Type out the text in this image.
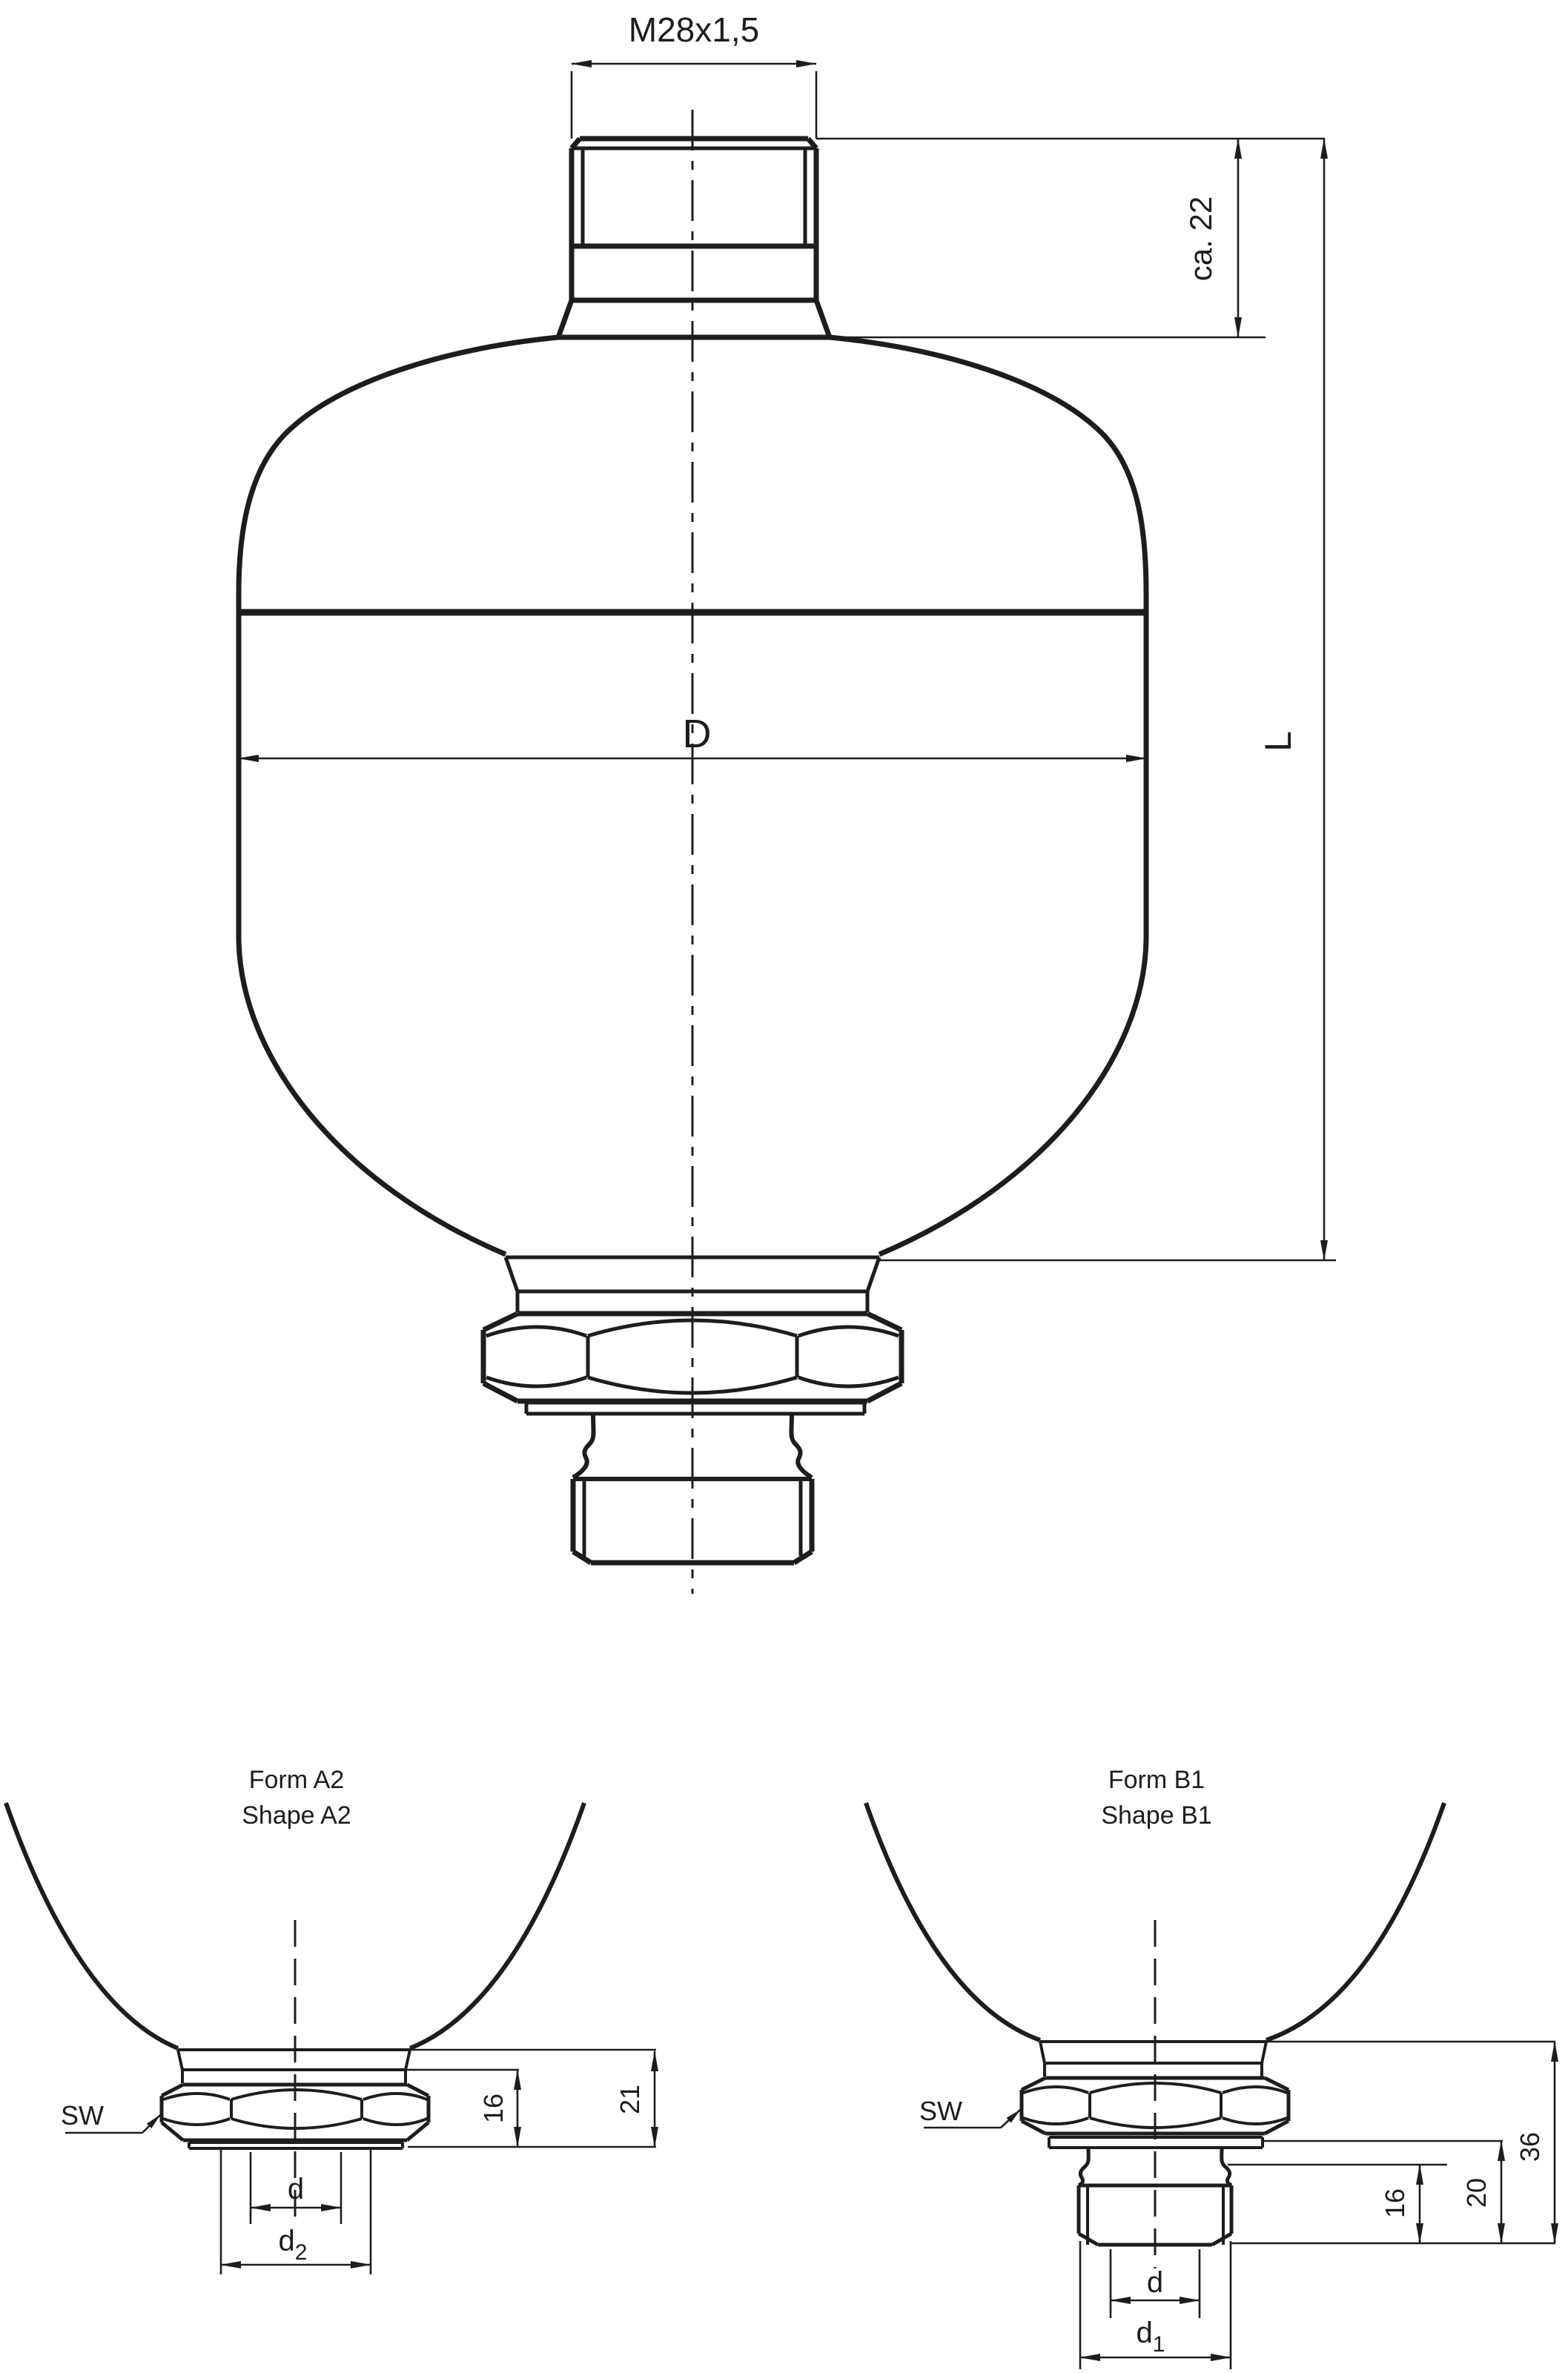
M28x1,5
ca. 22
L
D
Form A2
Shape A2
SW
d
$d_2$
16	21
Form B1
Shape B1
SW
d
$d_1$
16 20
36
